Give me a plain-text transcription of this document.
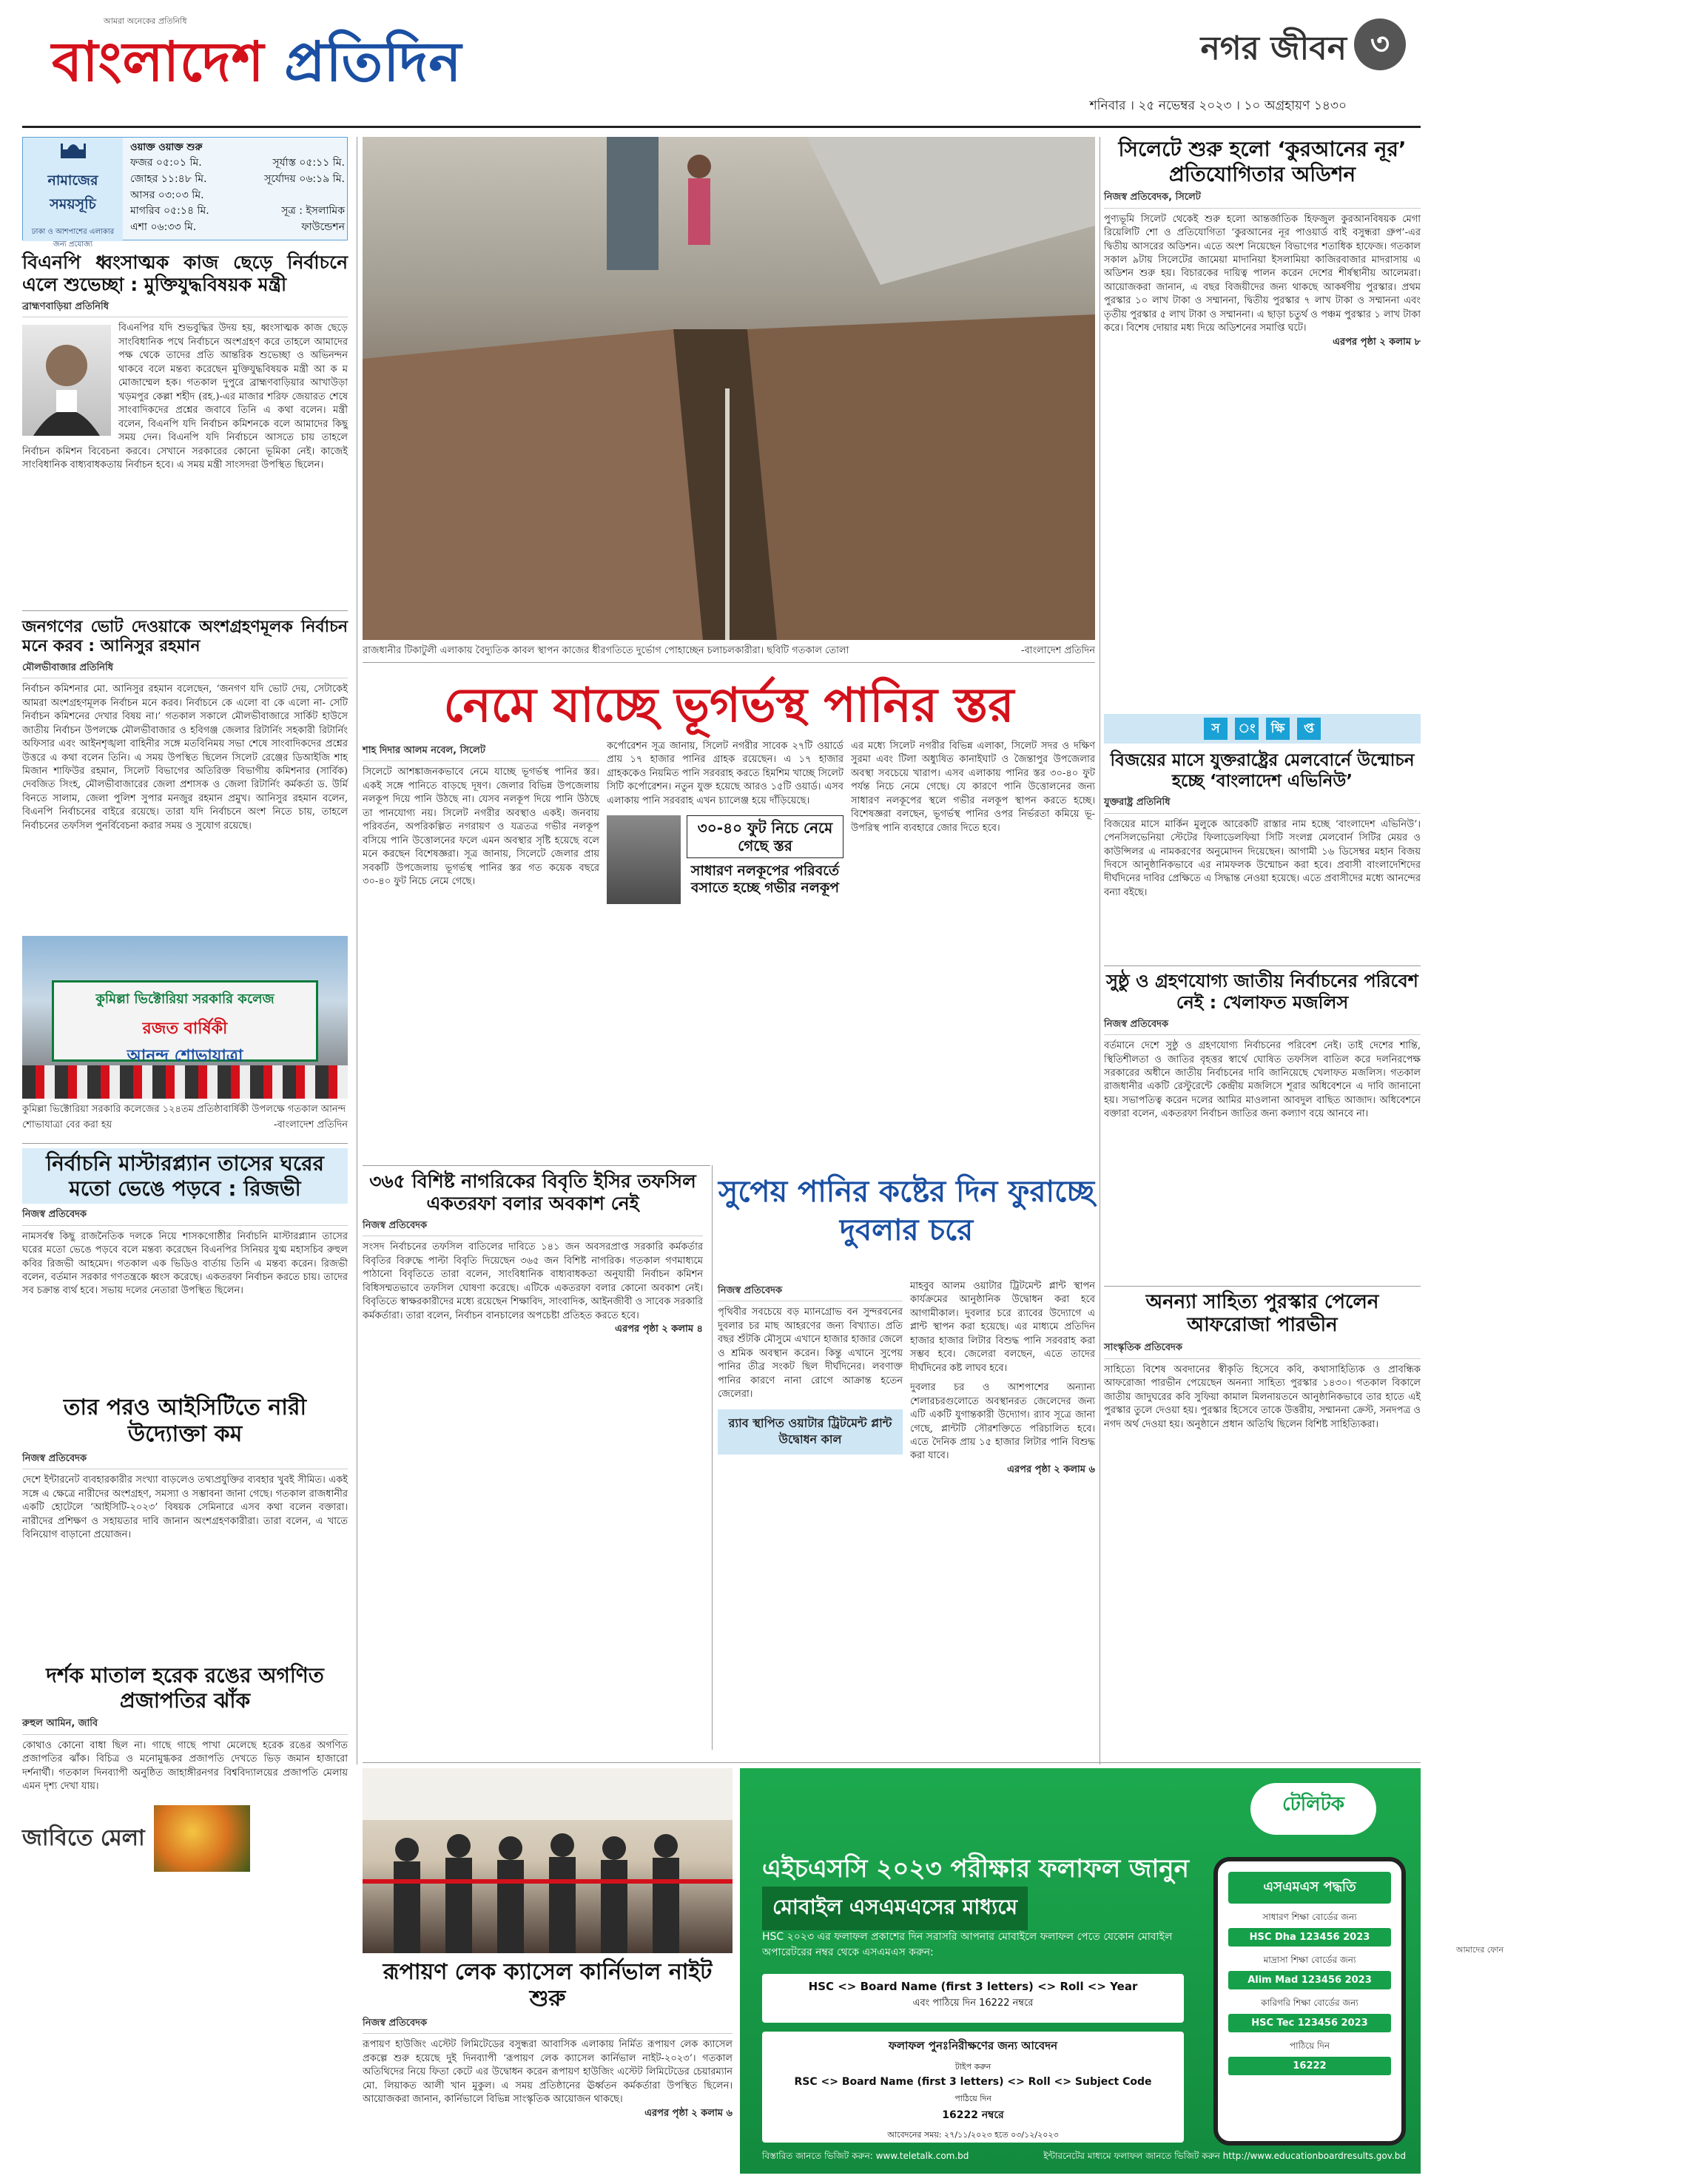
আমরা অনেকের প্রতিনিধি
বাংলাদেশ প্রতিদিন	নগর জীবন ৩
শনিবার । ২৫ নভেম্বর ২০২৩ । ১০ অগ্রহায়ণ ১৪৩০
নামাজের সময়সূচি
ঢাকা ও আশপাশের এলাকার জন্য প্রযোজ্য
ওয়াক্ত ওয়াক্ত শুরু
ফজর ০৫:০১ মি.	সূর্যাস্ত ০৫:১১ মি.
জোহর ১১:৪৮ মি.	সূর্যোদয় ০৬:১৯ মি.
আসর ০৩:০৩ মি.
মাগরিব ০৫:১৪ মি.	সূত্র : ইসলামিক
এশা ০৬:৩৩ মি.	ফাউন্ডেশন
বিএনপি ধ্বংসাত্মক কাজ ছেড়ে নির্বাচনে এলে শুভেচ্ছা : মুক্তিযুদ্ধবিষয়ক মন্ত্রী
ব্রাহ্মণবাড়িয়া প্রতিনিধি
বিএনপির যদি শুভবুদ্ধির উদয় হয়, ধ্বংসাত্মক কাজ ছেড়ে সাংবিধানিক পথে নির্বাচনে অংশগ্রহণ করে তাহলে আমাদের পক্ষ থেকে তাদের প্রতি আন্তরিক শুভেচ্ছা ও অভিনন্দন থাকবে বলে মন্তব্য করেছেন মুক্তিযুদ্ধবিষয়ক মন্ত্রী আ ক ম মোজাম্মেল হক। গতকাল দুপুরে ব্রাহ্মণবাড়িয়ার আখাউড়া খড়মপুর কেল্লা শহীদ (রহ.)-এর মাজার শরিফ জেয়ারত শেষে সাংবাদিকদের প্রশ্নের জবাবে তিনি এ কথা বলেন। মন্ত্রী বলেন, বিএনপি যদি নির্বাচন কমিশনকে বলে আমাদের কিছু সময় দেন। বিএনপি যদি নির্বাচনে আসতে চায় তাহলে নির্বাচন কমিশন বিবেচনা করবে। সেখানে সরকারের কোনো ভূমিকা নেই। কাজেই সাংবিধানিক বাধ্যবাধকতায় নির্বাচন হবে। এ সময় মন্ত্রী সাংসদরা উপস্থিত ছিলেন।
জনগণের ভোট দেওয়াকে অংশগ্রহণমূলক নির্বাচন মনে করব : আনিসুর রহমান
মৌলভীবাজার প্রতিনিধি
নির্বাচন কমিশনার মো. আনিসুর রহমান বলেছেন, ‘জনগণ যদি ভোট দেয়, সেটাকেই আমরা অংশগ্রহণমূলক নির্বাচন মনে করব। নির্বাচনে কে এলো বা কে এলো না- সেটি নির্বাচন কমিশনের দেখার বিষয় না।’ গতকাল সকালে মৌলভীবাজারে সার্কিট হাউসে জাতীয় নির্বাচন উপলক্ষে মৌলভীবাজার ও হবিগঞ্জ জেলার রিটার্নিং সহকারী রিটার্নিং অফিসার এবং আইনশৃঙ্খলা বাহিনীর সঙ্গে মতবিনিময় সভা শেষে সাংবাদিকদের প্রশ্নের উত্তরে এ কথা বলেন তিনি। এ সময় উপস্থিত ছিলেন সিলেট রেঞ্জের ডিআইজি শাহ মিজান শাফিউর রহমান, সিলেট বিভাগের অতিরিক্ত বিভাগীয় কমিশনার (সার্বিক) দেবজিত সিংহ, মৌলভীবাজারের জেলা প্রশাসক ও জেলা রিটার্নিং কর্মকর্তা ড. উর্মি বিনতে সালাম, জেলা পুলিশ সুপার মনজুর রহমান প্রমুখ। আনিসুর রহমান বলেন, বিএনপি নির্বাচনের বাইরে রয়েছে। তারা যদি নির্বাচনে অংশ নিতে চায়, তাহলে নির্বাচনের তফসিল পুনর্বিবেচনা করার সময় ও সুযোগ রয়েছে।
কুমিল্লা ভিক্টোরিয়া সরকারি কলেজ
রজত বার্ষিকী
আনন্দ শোভাযাত্রা
কুমিল্লা ভিক্টোরিয়া সরকারি কলেজের ১২৪তম প্রতিষ্ঠাবার্ষিকী উপলক্ষে গতকাল আনন্দ শোভাযাত্রা বের করা হয়	-বাংলাদেশ প্রতিদিন
নির্বাচনি মাস্টারপ্ল্যান তাসের ঘরের মতো ভেঙে পড়বে : রিজভী
নিজস্ব প্রতিবেদক
নামসর্বস্ব কিছু রাজনৈতিক দলকে নিয়ে শাসকগোষ্ঠীর নির্বাচনি মাস্টারপ্ল্যান তাসের ঘরের মতো ভেঙে পড়বে বলে মন্তব্য করেছেন বিএনপির সিনিয়র যুগ্ম মহাসচিব রুহুল কবির রিজভী আহমেদ। গতকাল এক ভিডিও বার্তায় তিনি এ মন্তব্য করেন। রিজভী বলেন, বর্তমান সরকার গণতন্ত্রকে ধ্বংস করেছে। একতরফা নির্বাচন করতে চায়। তাদের সব চক্রান্ত ব্যর্থ হবে। সভায় দলের নেতারা উপস্থিত ছিলেন।
তার পরও আইসিটিতে নারী উদ্যোক্তা কম
নিজস্ব প্রতিবেদক
দেশে ইন্টারনেট ব্যবহারকারীর সংখ্যা বাড়লেও তথ্যপ্রযুক্তির ব্যবহার খুবই সীমিত। একই সঙ্গে এ ক্ষেত্রে নারীদের অংশগ্রহণ, সমস্যা ও সম্ভাবনা জানা গেছে। গতকাল রাজধানীর একটি হোটেলে ‘আইসিটি-২০২৩’ বিষয়ক সেমিনারে এসব কথা বলেন বক্তারা। নারীদের প্রশিক্ষণ ও সহায়তার দাবি জানান অংশগ্রহণকারীরা। তারা বলেন, এ খাতে বিনিয়োগ বাড়ানো প্রয়োজন।
দর্শক মাতাল হরেক রঙের অগণিত প্রজাপতির ঝাঁক
রুহুল আমিন, জাবি
কোথাও কোনো বাধা ছিল না। গাছে গাছে পাখা মেলেছে হরেক রঙের অগণিত প্রজাপতির ঝাঁক। বিচিত্র ও মনোমুগ্ধকর প্রজাপতি দেখতে ভিড় জমান হাজারো দর্শনার্থী। গতকাল দিনব্যাপী অনুষ্ঠিত জাহাঙ্গীরনগর বিশ্ববিদ্যালয়ের প্রজাপতি মেলায় এমন দৃশ্য দেখা যায়।
জাবিতে মেলা
রাজধানীর টিকাটুলী এলাকায় বৈদ্যুতিক কাবল স্থাপন কাজের ধীরগতিতে দুর্ভোগ পোহাচ্ছেন চলাচলকারীরা। ছবিটি গতকাল তোলা	-বাংলাদেশ প্রতিদিন
নেমে যাচ্ছে ভূগর্ভস্থ পানির স্তর
শাহ দিদার আলম নবেল, সিলেট
সিলেটে আশঙ্কাজনকভাবে নেমে যাচ্ছে ভূগর্ভস্থ পানির স্তর। একই সঙ্গে পানিতে বাড়ছে দূষণ। জেলার বিভিন্ন উপজেলায় নলকূপ দিয়ে পানি উঠছে না। যেসব নলকূপ দিয়ে পানি উঠছে তা পানযোগ্য নয়। সিলেট নগরীর অবস্থাও একই। জনবায় পরিবর্তন, অপরিকল্পিত নগরায়ণ ও যত্রতত্র গভীর নলকূপ বসিয়ে পানি উত্তোলনের ফলে এমন অবস্থার সৃষ্টি হয়েছে বলে মনে করছেন বিশেষজ্ঞরা। সূত্র জানায়, সিলেটে জেলার প্রায় সবকটি উপজেলায় ভূগর্ভস্থ পানির স্তর গত কয়েক বছরে ৩০-৪০ ফুট নিচে নেমে গেছে।
কর্পোরেশন সূত্র জানায়, সিলেট নগরীর সাবেক ২৭টি ওয়ার্ডে প্রায় ১৭ হাজার পানির গ্রাহক রয়েছেন। এ ১৭ হাজার গ্রাহককেও নিয়মিত পানি সরবরাহ করতে হিমশিম খাচ্ছে সিলেট সিটি কর্পোরেশন। নতুন যুক্ত হয়েছে আরও ১৫টি ওয়ার্ড। এসব এলাকায় পানি সরবরাহ এখন চ্যালেঞ্জ হয়ে দাঁড়িয়েছে।
৩০-৪০ ফুট নিচে নেমে গেছে স্তর
সাধারণ নলকূপের পরিবর্তে বসাতে হচ্ছে গভীর নলকূপ
এর মধ্যে সিলেট নগরীর বিভিন্ন এলাকা, সিলেট সদর ও দক্ষিণ সুরমা এবং টিলা অধ্যুষিত কানাইঘাট ও জৈন্তাপুর উপজেলার অবস্থা সবচেয়ে খারাপ। এসব এলাকায় পানির স্তর ৩০-৪০ ফুট পর্যন্ত নিচে নেমে গেছে। যে কারণে পানি উত্তোলনের জন্য সাধারণ নলকূপের স্থলে গভীর নলকূপ স্থাপন করতে হচ্ছে। বিশেষজ্ঞরা বলছেন, ভূগর্ভস্থ পানির ওপর নির্ভরতা কমিয়ে ভূ-উপরিস্থ পানি ব্যবহারে জোর দিতে হবে।
৩৬৫ বিশিষ্ট নাগরিকের বিবৃতি ইসির তফসিল একতরফা বলার অবকাশ নেই
নিজস্ব প্রতিবেদক
সংসদ নির্বাচনের তফসিল বাতিলের দাবিতে ১৪১ জন অবসরপ্রাপ্ত সরকারি কর্মকর্তার বিবৃতির বিরুদ্ধে পাল্টা বিবৃতি দিয়েছেন ৩৬৫ জন বিশিষ্ট নাগরিক। গতকাল গণমাধ্যমে পাঠানো বিবৃতিতে তারা বলেন, সাংবিধানিক বাধ্যবাধকতা অনুযায়ী নির্বাচন কমিশন বিধিসম্মতভাবে তফসিল ঘোষণা করেছে। এটিকে একতরফা বলার কোনো অবকাশ নেই। বিবৃতিতে স্বাক্ষরকারীদের মধ্যে রয়েছেন শিক্ষাবিদ, সাংবাদিক, আইনজীবী ও সাবেক সরকারি কর্মকর্তারা। তারা বলেন, নির্বাচন বানচালের অপচেষ্টা প্রতিহত করতে হবে।
এরপর পৃষ্ঠা ২ কলাম ৪
সুপেয় পানির কষ্টের দিন ফুরাচ্ছে দুবলার চরে
নিজস্ব প্রতিবেদক
পৃথিবীর সবচেয়ে বড় ম্যানগ্রোভ বন সুন্দরবনের দুবলার চর মাছ আহরণের জন্য বিখ্যাত। প্রতি বছর শুঁটকি মৌসুমে এখানে হাজার হাজার জেলে ও শ্রমিক অবস্থান করেন। কিন্তু এখানে সুপেয় পানির তীব্র সংকট ছিল দীর্ঘদিনের। লবণাক্ত পানির কারণে নানা রোগে আক্রান্ত হতেন জেলেরা।
র‍্যাব স্থাপিত ওয়াটার ট্রিটমেন্ট প্লান্ট উদ্বোধন কাল
মাহবুব আলম ওয়াটার ট্রিটমেন্ট প্লান্ট স্থাপন কার্যক্রমের আনুষ্ঠানিক উদ্বোধন করা হবে আগামীকাল। দুবলার চরে র‍্যাবের উদ্যোগে এ প্লান্ট স্থাপন করা হয়েছে। এর মাধ্যমে প্রতিদিন হাজার হাজার লিটার বিশুদ্ধ পানি সরবরাহ করা সম্ভব হবে। জেলেরা বলছেন, এতে তাদের দীর্ঘদিনের কষ্ট লাঘব হবে।
দুবলার চর ও আশপাশের অন্যান্য শেলারচরগুলোতে অবস্থানরত জেলেদের জন্য এটি একটি যুগান্তকারী উদ্যোগ। র‍্যাব সূত্রে জানা গেছে, প্লান্টটি সৌরশক্তিতে পরিচালিত হবে। এতে দৈনিক প্রায় ১৫ হাজার লিটার পানি বিশুদ্ধ করা যাবে।
এরপর পৃষ্ঠা ২ কলাম ৬
সিলেটে শুরু হলো ‘কুরআনের নূর’ প্রতিযোগিতার অডিশন
নিজস্ব প্রতিবেদক, সিলেট
পুণ্যভূমি সিলেট থেকেই শুরু হলো আন্তর্জাতিক হিফজুল কুরআনবিষয়ক মেগা রিয়েলিটি শো ও প্রতিযোগিতা ‘কুরআনের নূর পাওয়ার্ড বাই বসুন্ধরা গ্রুপ’-এর দ্বিতীয় আসরের অডিশন। এতে অংশ নিয়েছেন বিভাগের শতাধিক হাফেজ। গতকাল সকাল ৯টায় সিলেটের জামেয়া মাদানিয়া ইসলামিয়া কাজিরবাজার মাদরাসায় এ অডিশন শুরু হয়। বিচারকের দায়িত্ব পালন করেন দেশের শীর্ষস্থানীয় আলেমরা। আয়োজকরা জানান, এ বছর বিজয়ীদের জন্য থাকছে আকর্ষণীয় পুরস্কার। প্রথম পুরস্কার ১০ লাখ টাকা ও সম্মাননা, দ্বিতীয় পুরস্কার ৭ লাখ টাকা ও সম্মাননা এবং তৃতীয় পুরস্কার ৫ লাখ টাকা ও সম্মাননা। এ ছাড়া চতুর্থ ও পঞ্চম পুরস্কার ১ লাখ টাকা করে। বিশেষ দোয়ার মধ্য দিয়ে অডিশনের সমাপ্তি ঘটে।
এরপর পৃষ্ঠা ২ কলাম ৮
স	ং	ক্ষি	প্ত
বিজয়ের মাসে যুক্তরাষ্ট্রের মেলবোর্নে উন্মোচন হচ্ছে ‘বাংলাদেশ এভিনিউ’
যুক্তরাষ্ট্র প্রতিনিধি
বিজয়ের মাসে মার্কিন মুলুকে আরেকটি রাস্তার নাম হচ্ছে ‘বাংলাদেশ এভিনিউ’। পেনসিলভেনিয়া স্টেটের ফিলাডেলফিয়া সিটি সংলগ্ন মেলবোর্ন সিটির মেয়র ও কাউন্সিলর এ নামকরণের অনুমোদন দিয়েছেন। আগামী ১৬ ডিসেম্বর মহান বিজয় দিবসে আনুষ্ঠানিকভাবে এর নামফলক উন্মোচন করা হবে। প্রবাসী বাংলাদেশিদের দীর্ঘদিনের দাবির প্রেক্ষিতে এ সিদ্ধান্ত নেওয়া হয়েছে। এতে প্রবাসীদের মধ্যে আনন্দের বন্যা বইছে।
সুষ্ঠু ও গ্রহণযোগ্য জাতীয় নির্বাচনের পরিবেশ নেই : খেলাফত মজলিস
নিজস্ব প্রতিবেদক
বর্তমানে দেশে সুষ্ঠু ও গ্রহণযোগ্য নির্বাচনের পরিবেশ নেই। তাই দেশের শান্তি, স্থিতিশীলতা ও জাতির বৃহত্তর স্বার্থে ঘোষিত তফসিল বাতিল করে দলনিরপেক্ষ সরকারের অধীনে জাতীয় নির্বাচনের দাবি জানিয়েছে খেলাফত মজলিস। গতকাল রাজধানীর একটি রেস্টুরেন্টে কেন্দ্রীয় মজলিসে শূরার অধিবেশনে এ দাবি জানানো হয়। সভাপতিত্ব করেন দলের আমির মাওলানা আবদুল বাছিত আজাদ। অধিবেশনে বক্তারা বলেন, একতরফা নির্বাচন জাতির জন্য কল্যাণ বয়ে আনবে না।
অনন্যা সাহিত্য পুরস্কার পেলেন আফরোজা পারভীন
সাংস্কৃতিক প্রতিবেদক
সাহিত্যে বিশেষ অবদানের স্বীকৃতি হিসেবে কবি, কথাসাহিত্যিক ও প্রাবন্ধিক আফরোজা পারভীন পেয়েছেন অনন্যা সাহিত্য পুরস্কার ১৪৩০। গতকাল বিকালে জাতীয় জাদুঘরের কবি সুফিয়া কামাল মিলনায়তনে আনুষ্ঠানিকভাবে তার হাতে এই পুরস্কার তুলে দেওয়া হয়। পুরস্কার হিসেবে তাকে উত্তরীয়, সম্মাননা ক্রেস্ট, সনদপত্র ও নগদ অর্থ দেওয়া হয়। অনুষ্ঠানে প্রধান অতিথি ছিলেন বিশিষ্ট সাহিত্যিকরা।
রূপায়ণ লেক ক্যাসেল কার্নিভাল নাইট শুরু
নিজস্ব প্রতিবেদক
রূপায়ণ হাউজিং এস্টেট লিমিটেডের বসুন্ধরা আবাসিক এলাকায় নির্মিত রূপায়ণ লেক ক্যাসেল প্রকল্পে শুরু হয়েছে দুই দিনব্যাপী ‘রূপায়ণ লেক ক্যাসেল কার্নিভাল নাইট-২০২৩’। গতকাল অতিথিদের নিয়ে ফিতা কেটে এর উদ্বোধন করেন রূপায়ণ হাউজিং এস্টেট লিমিটেডের চেয়ারম্যান মো. লিয়াকত আলী খান মুকুল। এ সময় প্রতিষ্ঠানের ঊর্ধ্বতন কর্মকর্তারা উপস্থিত ছিলেন। আয়োজকরা জানান, কার্নিভালে বিভিন্ন সাংস্কৃতিক আয়োজন থাকছে।
এরপর পৃষ্ঠা ২ কলাম ৬
টেলিটক
আমাদের ফোন
এইচএসসি ২০২৩ পরীক্ষার ফলাফল জানুন
মোবাইল এসএমএসের মাধ্যমে
HSC ২০২৩ এর ফলাফল প্রকাশের দিন সরাসরি আপনার মোবাইলে ফলাফল পেতে যেকোন মোবাইল অপারেটরের নম্বর থেকে এসএমএস করুন:
HSC <> Board Name (first 3 letters) <> Roll <> Year
এবং পাঠিয়ে দিন 16222 নম্বরে
ফলাফল পুনঃনিরীক্ষণের জন্য আবেদন
টাইপ করুন
RSC <> Board Name (first 3 letters) <> Roll <> Subject Code
পাঠিয়ে দিন
16222 নম্বরে
আবেদনের সময়: ২৭/১১/২০২৩ হতে ০৩/১২/২০২৩
এসএমএস পদ্ধতি
সাধারণ শিক্ষা বোর্ডের জন্য
HSC Dha 123456 2023
মাদ্রাসা শিক্ষা বোর্ডের জন্য
Alim Mad 123456 2023
কারিগরি শিক্ষা বোর্ডের জন্য
HSC Tec 123456 2023
পাঠিয়ে দিন
16222
বিস্তারিত জানতে ভিজিট করুন: www.teletalk.com.bd	ইন্টারনেটের মাধ্যমে ফলাফল জানতে ভিজিট করুন http://www.educationboardresults.gov.bd
